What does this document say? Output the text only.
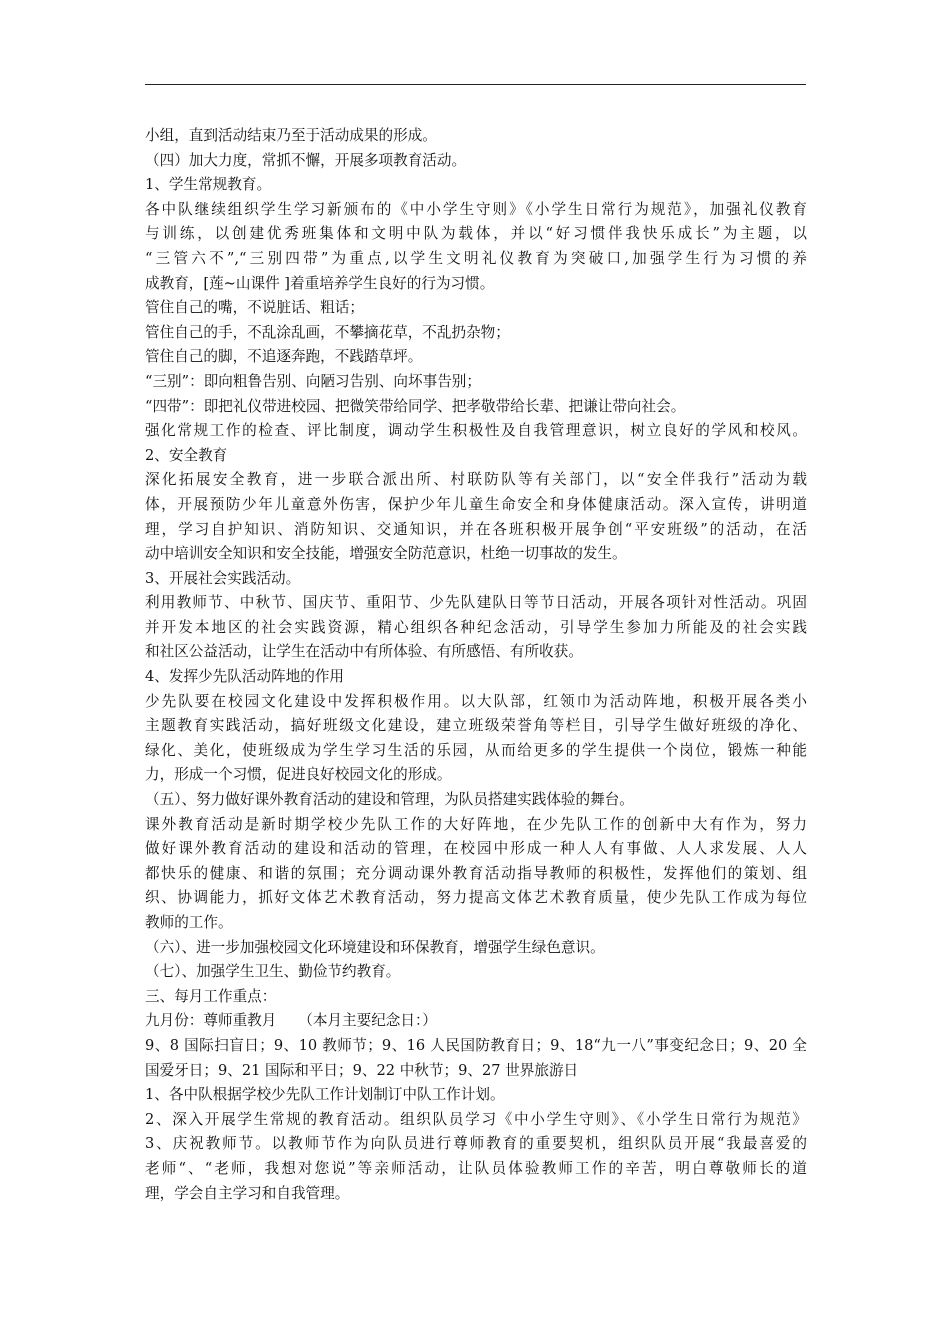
小组，直到活动结束乃至于活动成果的形成。
（四）加大力度，常抓不懈，开展多项教育活动。
1、学生常规教育。
各中队继续组织学生学习新颁布的《中小学生守则》《小学生日常行为规范》，加强礼仪教育
与训练，以创建优秀班集体和文明中队为载体，并以“好习惯伴我快乐成长”为主题，以
“三管六不”,“三别四带”为重点,以学生文明礼仪教育为突破口,加强学生行为习惯的养
成教育，[莲~山课件 ]着重培养学生良好的行为习惯。
管住自己的嘴，不说脏话、粗话；
管住自己的手，不乱涂乱画，不攀摘花草，不乱扔杂物；
管住自己的脚，不追逐奔跑，不践踏草坪。
“三别”：即向粗鲁告别、向陋习告别、向坏事告别；
“四带”：即把礼仪带进校园、把微笑带给同学、把孝敬带给长辈、把谦让带向社会。
强化常规工作的检查、评比制度，调动学生积极性及自我管理意识，树立良好的学风和校风。
2、安全教育
深化拓展安全教育，进一步联合派出所、村联防队等有关部门，以“安全伴我行”活动为载
体，开展预防少年儿童意外伤害，保护少年儿童生命安全和身体健康活动。深入宣传，讲明道
理，学习自护知识、消防知识、交通知识，并在各班积极开展争创“平安班级”的活动，在活
动中培训安全知识和安全技能，增强安全防范意识，杜绝一切事故的发生。
3、开展社会实践活动。
利用教师节、中秋节、国庆节、重阳节、少先队建队日等节日活动，开展各项针对性活动。巩固
并开发本地区的社会实践资源，精心组织各种纪念活动，引导学生参加力所能及的社会实践
和社区公益活动，让学生在活动中有所体验、有所感悟、有所收获。
4、发挥少先队活动阵地的作用
少先队要在校园文化建设中发挥积极作用。以大队部，红领巾为活动阵地，积极开展各类小
主题教育实践活动，搞好班级文化建设，建立班级荣誉角等栏目，引导学生做好班级的净化、
绿化、美化，使班级成为学生学习生活的乐园，从而给更多的学生提供一个岗位，锻炼一种能
力，形成一个习惯，促进良好校园文化的形成。
（五）、努力做好课外教育活动的建设和管理，为队员搭建实践体验的舞台。
课外教育活动是新时期学校少先队工作的大好阵地，在少先队工作的创新中大有作为，努力
做好课外教育活动的建设和活动的管理，在校园中形成一种人人有事做、人人求发展、人人
都快乐的健康、和谐的氛围；充分调动课外教育活动指导教师的积极性，发挥他们的策划、组
织、协调能力，抓好文体艺术教育活动，努力提高文体艺术教育质量，使少先队工作成为每位
教师的工作。
（六）、进一步加强校园文化环境建设和环保教育，增强学生绿色意识。
（七）、加强学生卫生、勤俭节约教育。
三、每月工作重点：
九月份：尊师重教月　　（本月主要纪念日：）
9、8 国际扫盲日；9、10 教师节；9、16 人民国防教育日；9、18“九一八”事变纪念日；9、20 全
国爱牙日；9、21 国际和平日；9、22 中秋节；9、27 世界旅游日
1、各中队根据学校少先队工作计划制订中队工作计划。
2、深入开展学生常规的教育活动。组织队员学习《中小学生守则》、《小学生日常行为规范》
3、庆祝教师节。以教师节作为向队员进行尊师教育的重要契机，组织队员开展“我最喜爱的
老师“、“老师，我想对您说”等亲师活动，让队员体验教师工作的辛苦，明白尊敬师长的道
理，学会自主学习和自我管理。
